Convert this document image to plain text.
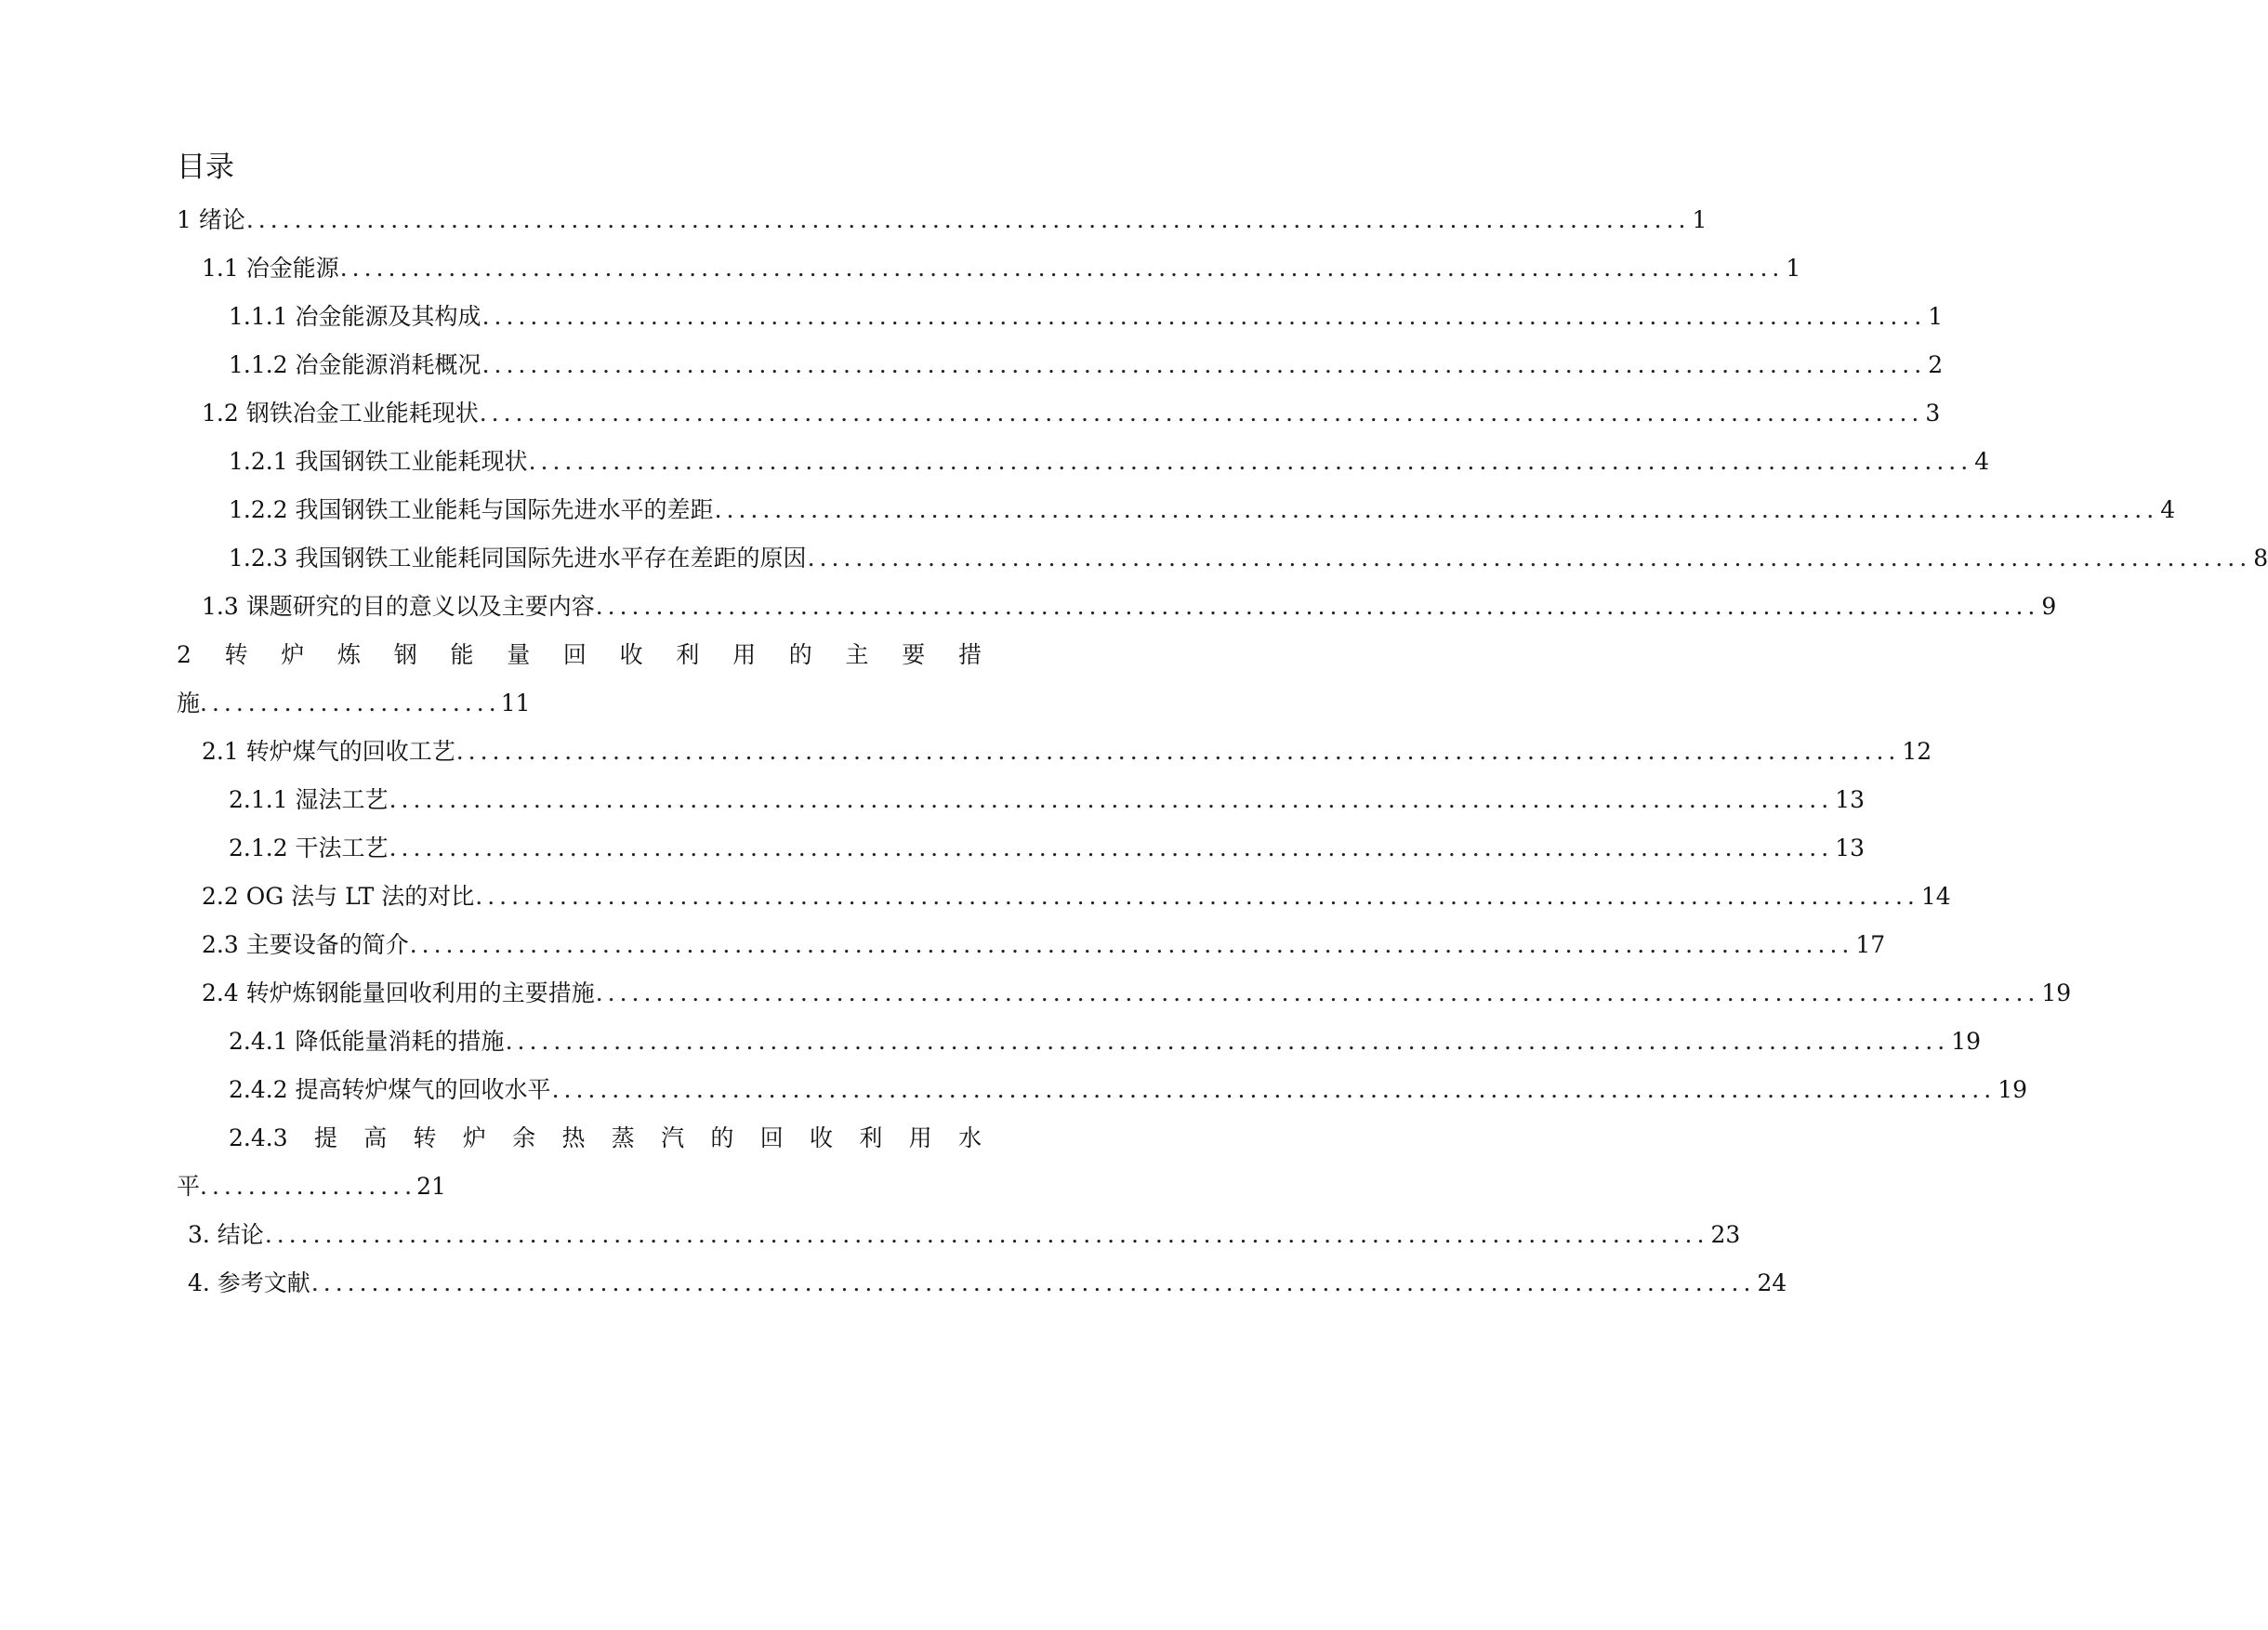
目录
1 绪论 ........................................................................................................................ 1
1.1 冶金能源 ........................................................................................................................ 1
1.1.1 冶金能源及其构成 ........................................................................................................................ 1
1.1.2 冶金能源消耗概况 ........................................................................................................................ 2
1.2 钢铁冶金工业能耗现状 ........................................................................................................................ 3
1.2.1 我国钢铁工业能耗现状 ........................................................................................................................ 4
1.2.2 我国钢铁工业能耗与国际先进水平的差距 ........................................................................................................................ 4
1.2.3 我国钢铁工业能耗同国际先进水平存在差距的原因 ........................................................................................................................ 8
1.3 课题研究的目的意义以及主要内容 ........................................................................................................................ 9
2 转 炉 炼 钢 能 量 回 收 利 用 的 主 要 措
施 ......................... 11
2.1 转炉煤气的回收工艺 ........................................................................................................................ 12
2.1.1 湿法工艺 ........................................................................................................................ 13
2.1.2 干法工艺 ........................................................................................................................ 13
2.2 OG 法与 LT 法的对比 ........................................................................................................................ 14
2.3 主要设备的简介 ........................................................................................................................ 17
2.4 转炉炼钢能量回收利用的主要措施 ........................................................................................................................ 19
2.4.1 降低能量消耗的措施 ........................................................................................................................ 19
2.4.2 提高转炉煤气的回收水平 ........................................................................................................................ 19
2.4.3 提 高 转 炉 余 热 蒸 汽 的 回 收 利 用 水
平 .................. 21
3. 结论 ........................................................................................................................ 23
4. 参考文献 ........................................................................................................................ 24
